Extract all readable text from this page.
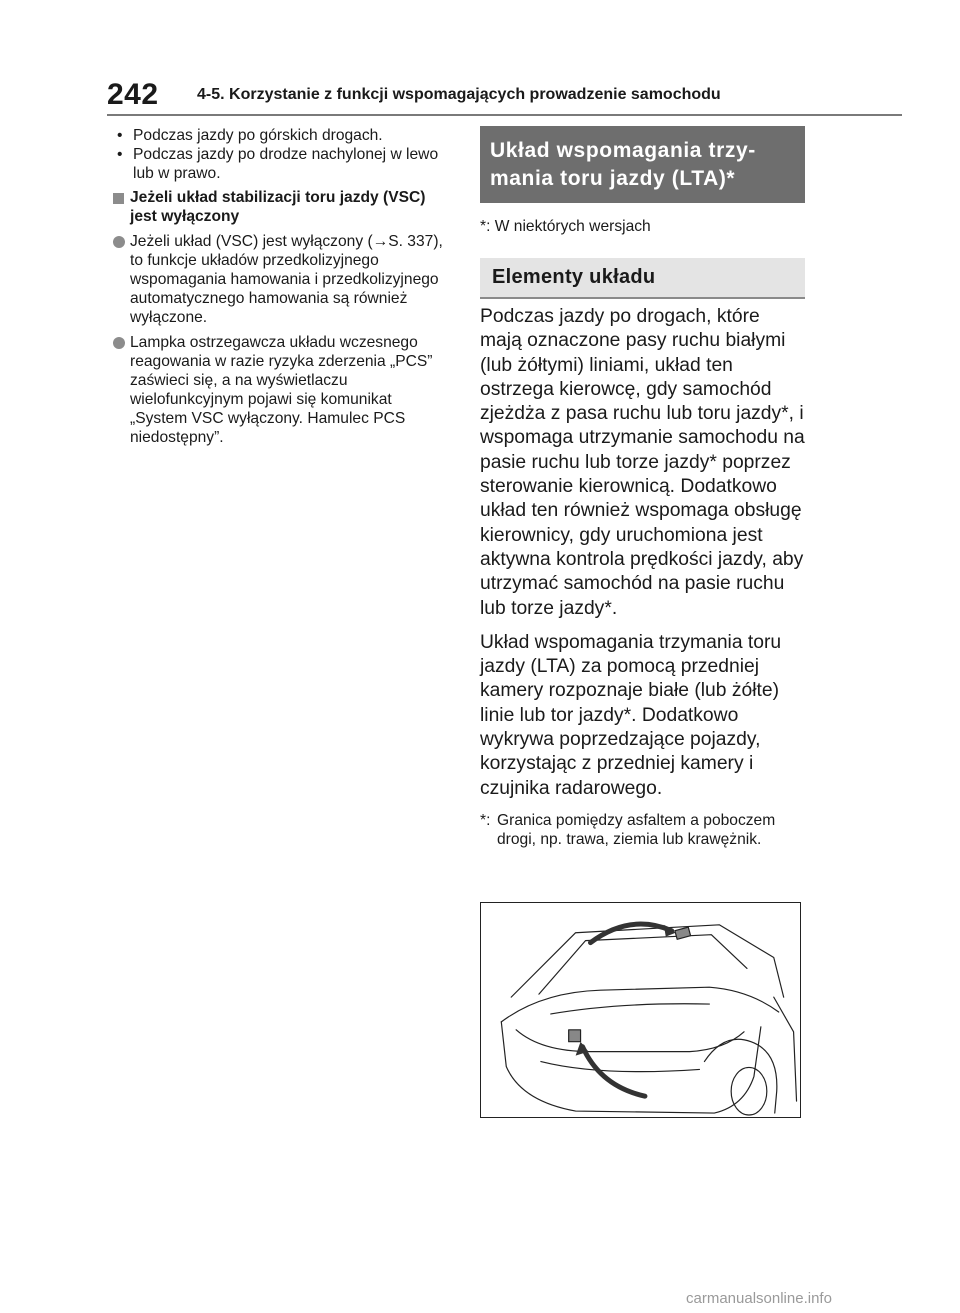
242 4-5. Korzystanie z funkcji wspomagających prowadzenie samochodu
• Podczas jazdy po górskich drogach.
• Podczas jazdy po drodze nachylonej w lewo lub w prawo.
Jeżeli układ stabilizacji toru jazdy (VSC) jest wyłączony
Jeżeli układ (VSC) jest wyłączony (→S. 337), to funkcje układów przedkolizyjnego wspomagania hamowania i przedkolizyjnego automatycznego hamowania są również wyłączone.
Lampka ostrzegawcza układu wczesnego reagowania w razie ryzyka zderzenia „PCS” zaświeci się, a na wyświetlaczu wielofunkcyjnym pojawi się komunikat „System VSC wyłączony. Hamulec PCS niedostępny”.
Układ wspomagania trzymania toru jazdy (LTA)*
*: W niektórych wersjach
Elementy układu

Podczas jazdy po drogach, które mają oznaczone pasy ruchu białymi (lub żółtymi) liniami, układ ten ostrzega kierowcę, gdy samochód zjeżdża z pasa ruchu lub toru jazdy*, i wspomaga utrzymanie samochodu na pasie ruchu lub torze jazdy* poprzez sterowanie kierownicą. Dodatkowo układ ten również wspomaga obsługę kierownicy, gdy uruchomiona jest aktywna kontrola prędkości jazdy, aby utrzymać samochód na pasie ruchu lub torze jazdy*.

Układ wspomagania trzymania toru jazdy (LTA) za pomocą przedniej kamery rozpoznaje białe (lub żółte) linie lub tor jazdy*. Dodatkowo wykrywa poprzedzające pojazdy, korzystając z przedniej kamery i czujnika radarowego.

*: Granica pomiędzy asfaltem a poboczem drogi, np. trawa, ziemia lub krawężnik.
carmanualsonline.info
